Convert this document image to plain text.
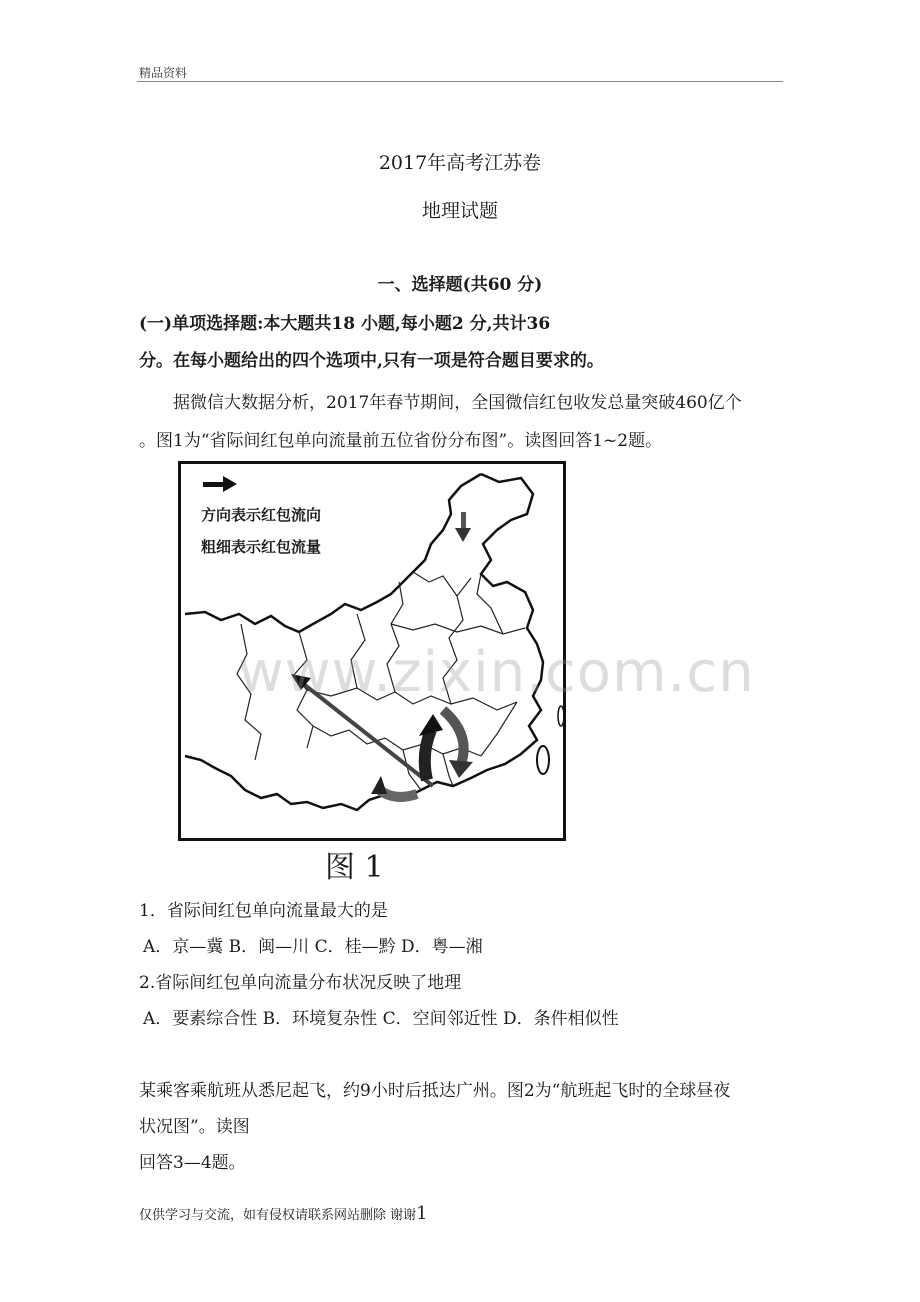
精品资料
2017年高考江苏卷
地理试题
一、选择题(共60 分)
(一)单项选择题:本大题共18 小题,每小题2 分,共计36
分。在每小题给出的四个选项中,只有一项是符合题目要求的。
据微信大数据分析，2017年春节期间，全国微信红包收发总量突破460亿个
。图1为“省际间红包单向流量前五位省份分布图”。读图回答1~2题。
方向表示红包流向
粗细表示红包流量
www.zixin.com.cn
图 1
1．省际间红包单向流量最大的是
A．京—冀 B．闽—川 C．桂—黔 D．粤—湘
2.省际间红包单向流量分布状况反映了地理
A．要素综合性 B．环境复杂性 C．空间邻近性 D．条件相似性
某乘客乘航班从悉尼起飞，约9小时后抵达广州。图2为“航班起飞时的全球昼夜
状况图”。读图
回答3—4题。
仅供学习与交流，如有侵权请联系网站删除 谢谢1
